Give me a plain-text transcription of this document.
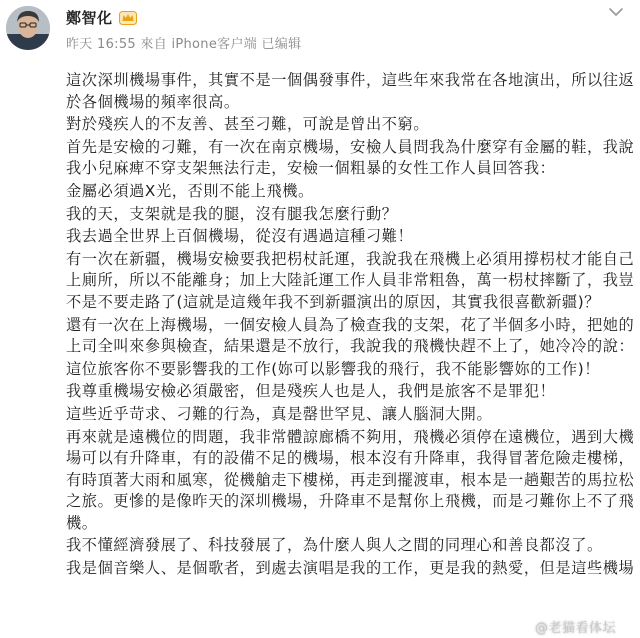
鄭智化
昨天 16:55 來自 iPhone客户端 已编辑

這次深圳機場事件，其實不是一個偶發事件，這些年來我常在各地演出，所以往返

於各個機場的頻率很高。

對於殘疾人的不友善、甚至刁難，可說是曾出不窮。

首先是安檢的刁難，有一次在南京機場，安檢人員問我為什麼穿有金屬的鞋，我說

我小兒麻痺不穿支架無法行走，安檢一個粗暴的女性工作人員回答我：

金屬必須過X光，否則不能上飛機。

我的天，支架就是我的腿，沒有腿我怎麼行動？

我去過全世界上百個機場，從沒有遇過這種刁難！

有一次在新疆，機場安檢要我把枴杖託運，我說我在飛機上必須用撐枴杖才能自己

上廁所，所以不能離身；加上大陸託運工作人員非常粗魯，萬一枴杖摔斷了，我豈

不是不要走路了(這就是這幾年我不到新疆演出的原因，其實我很喜歡新疆)？

還有一次在上海機場，一個安檢人員為了檢查我的支架，花了半個多小時，把她的

上司全叫來參與檢查，結果還是不放行，我說我的飛機快趕不上了，她冷冷的說：

這位旅客你不要影響我的工作(妳可以影響我的飛行，我不能影響妳的工作)！

我尊重機場安檢必須嚴密，但是殘疾人也是人，我們是旅客不是罪犯！

這些近乎苛求、刁難的行為，真是罄世罕見、讓人腦洞大開。

再來就是遠機位的問題，我非常體諒廊橋不夠用，飛機必須停在遠機位，遇到大機

場可以有升降車，有的設備不足的機場，根本沒有升降車，我得冒著危險走樓梯，

有時頂著大雨和風寒，從機艙走下樓梯，再走到擺渡車，根本是一趟艱苦的馬拉松

之旅。更慘的是像昨天的深圳機場，升降車不是幫你上飛機，而是刁難你上不了飛

機。

我不懂經濟發展了、科技發展了，為什麼人與人之間的同理心和善良都沒了。

我是個音樂人、是個歌者，到處去演唱是我的工作，更是我的熱愛，但是這些機場

@老猫看体坛
